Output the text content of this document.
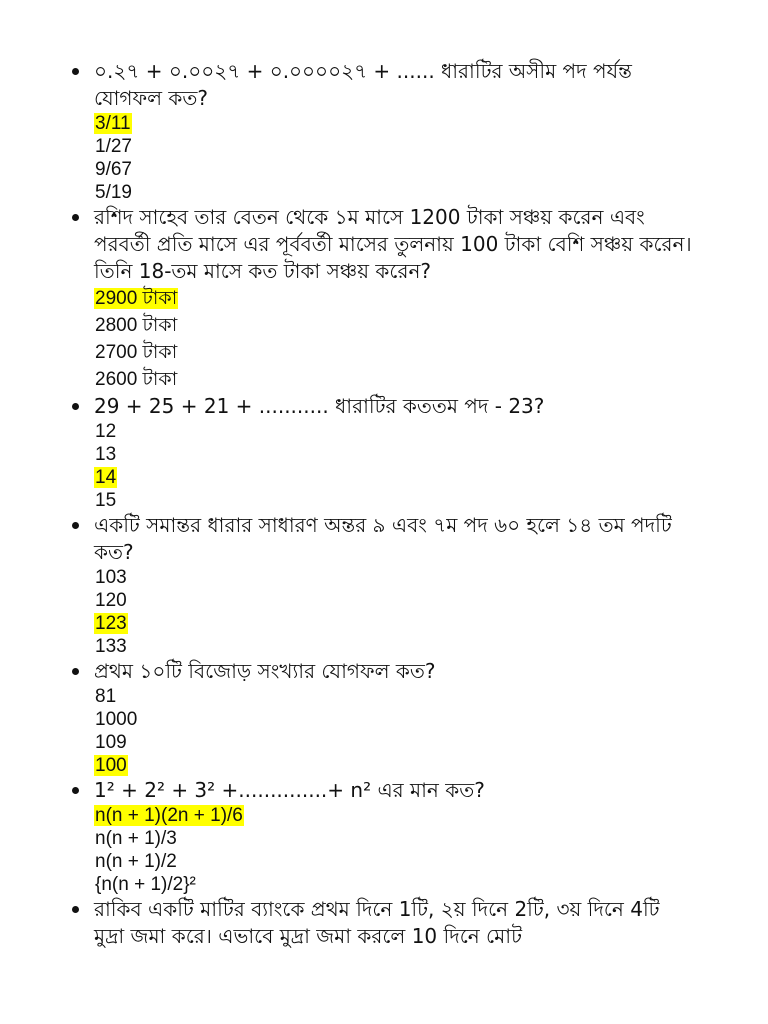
০.২৭ + ০.০০২৭ + ০.০০০০২৭ + ...... ধারাটির অসীম পদ পর্যন্ত যোগফল কত?
3/11
1/27
9/67
5/19
রশিদ সাহেব তার বেতন থেকে ১ম মাসে 1200 টাকা সঞ্চয় করেন এবং পরবর্তী প্রতি মাসে এর পূর্ববর্তী মাসের তুলনায় 100 টাকা বেশি সঞ্চয় করেন। তিনি 18-তম মাসে কত টাকা সঞ্চয় করেন?
2900 টাকা
2800 টাকা
2700 টাকা
2600 টাকা
29 + 25 + 21 + ........... ধারাটির কততম পদ - 23?
12
13
14
15
একটি সমান্তর ধারার সাধারণ অন্তর ৯ এবং ৭ম পদ ৬০ হলে ১৪ তম পদটি কত?
103
120
123
133
প্রথম ১০টি বিজোড় সংখ্যার যোগফল কত?
81
1000
109
100
1² + 2² + 3² +..............+ n² এর মান কত?
n(n + 1)(2n + 1)/6
n(n + 1)/3
n(n + 1)/2
{n(n + 1)/2}²
রাকিব একটি মাটির ব্যাংকে প্রথম দিনে 1টি, ২য় দিনে 2টি, ৩য় দিনে 4টি মুদ্রা জমা করে। এভাবে মুদ্রা জমা করলে 10 দিনে মোট
